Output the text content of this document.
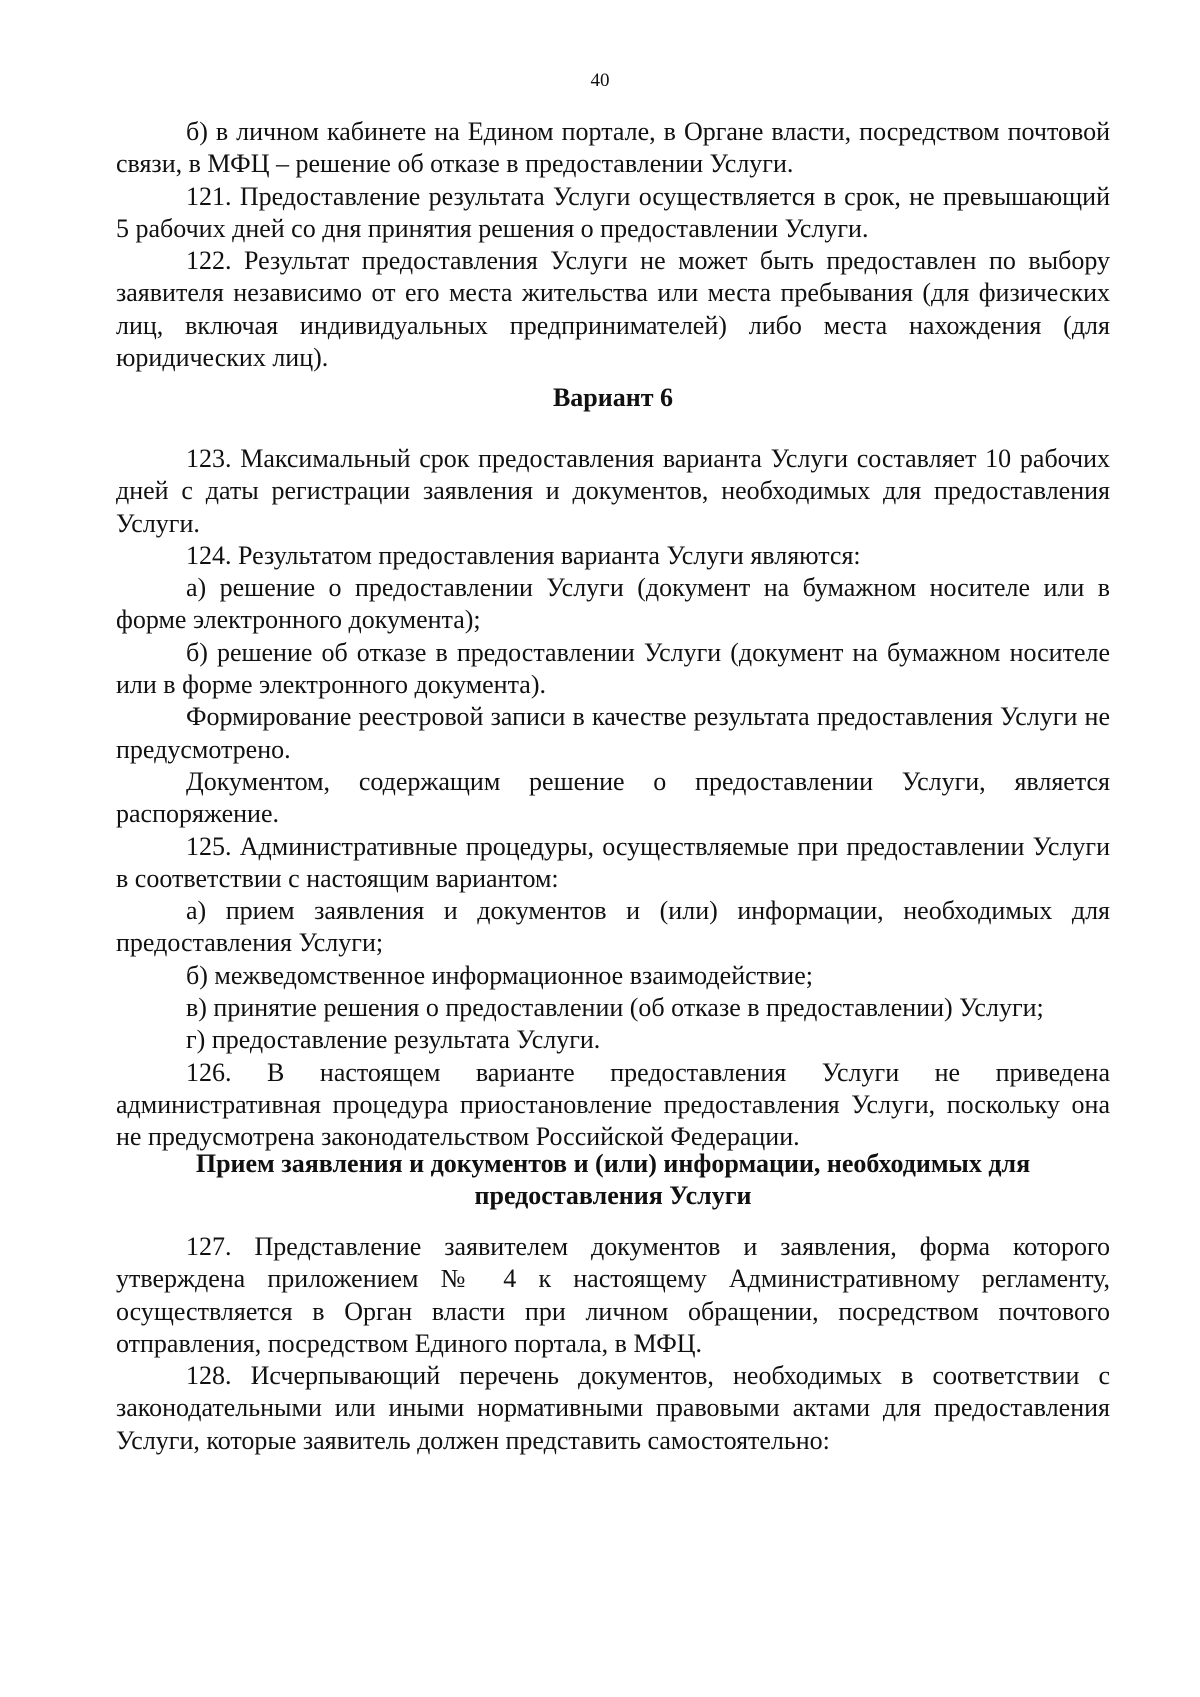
40

б) в личном кабинете на Едином портале, в Органе власти, посредством почтовой связи, в МФЦ – решение об отказе в предоставлении Услуги.

121. Предоставление результата Услуги осуществляется в срок, не превышающий 5 рабочих дней со дня принятия решения о предоставлении Услуги.

122. Результат предоставления Услуги не может быть предоставлен по выбору заявителя независимо от его места жительства или места пребывания (для физических лиц, включая индивидуальных предпринимателей) либо места нахождения (для юридических лиц).

Вариант 6

123. Максимальный срок предоставления варианта Услуги составляет 10 рабочих дней с даты регистрации заявления и документов, необходимых для предоставления Услуги.

124. Результатом предоставления варианта Услуги являются:

а) решение о предоставлении Услуги (документ на бумажном носителе или в форме электронного документа);

б) решение об отказе в предоставлении Услуги (документ на бумажном носителе или в форме электронного документа).

Формирование реестровой записи в качестве результата предоставления Услуги не предусмотрено.

Документом, содержащим решение о предоставлении Услуги, является распоряжение.

125. Административные процедуры, осуществляемые при предоставлении Услуги в соответствии с настоящим вариантом:

а) прием заявления и документов и (или) информации, необходимых для предоставления Услуги;

б) межведомственное информационное взаимодействие;

в) принятие решения о предоставлении (об отказе в предоставлении) Услуги;

г) предоставление результата Услуги.

126. В настоящем варианте предоставления Услуги не приведена административная процедура приостановление предоставления Услуги, поскольку она не предусмотрена законодательством Российской Федерации.

Прием заявления и документов и (или) информации, необходимых для

предоставления Услуги

127. Представление заявителем документов и заявления, форма которого утверждена приложением № 4 к настоящему Административному регламенту, осуществляется в Орган власти при личном обращении, посредством почтового отправления, посредством Единого портала, в МФЦ.

128. Исчерпывающий перечень документов, необходимых в соответствии с законодательными или иными нормативными правовыми актами для предоставления Услуги, которые заявитель должен представить самостоятельно:
